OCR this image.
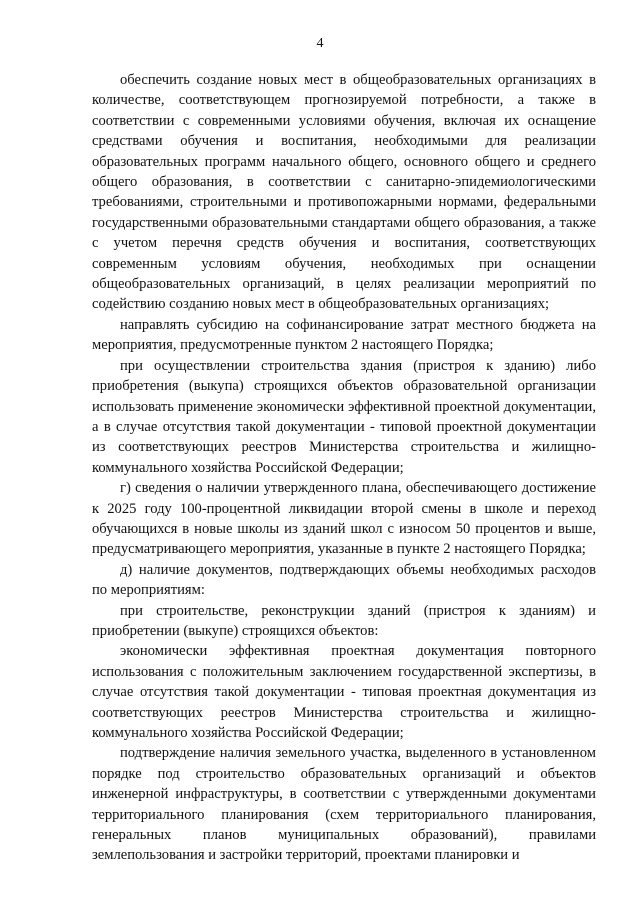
4

обеспечить создание новых мест в общеобразовательных организациях в количестве, соответствующем прогнозируемой потребности, а также в соответствии с современными условиями обучения, включая их оснащение средствами обучения и воспитания, необходимыми для реализации образовательных программ начального общего, основного общего и среднего общего образования, в соответствии с санитарно-эпидемиологическими требованиями, строительными и противопожарными нормами, федеральными государственными образовательными стандартами общего образования, а также с учетом перечня средств обучения и воспитания, соответствующих современным условиям обучения, необходимых при оснащении общеобразовательных организаций, в целях реализации мероприятий по содействию созданию новых мест в общеобразовательных организациях;

направлять субсидию на софинансирование затрат местного бюджета на мероприятия, предусмотренные пунктом 2 настоящего Порядка;

при осуществлении строительства здания (пристроя к зданию) либо приобретения (выкупа) строящихся объектов образовательной организации использовать применение экономически эффективной проектной документации, а в случае отсутствия такой документации - типовой проектной документации из соответствующих реестров Министерства строительства и жилищно-коммунального хозяйства Российской Федерации;

г) сведения о наличии утвержденного плана, обеспечивающего достижение к 2025 году 100-процентной ликвидации второй смены в школе и переход обучающихся в новые школы из зданий школ с износом 50 процентов и выше, предусматривающего мероприятия, указанные в пункте 2 настоящего Порядка;

д) наличие документов, подтверждающих объемы необходимых расходов по мероприятиям:

при строительстве, реконструкции зданий (пристроя к зданиям) и приобретении (выкупе) строящихся объектов:

экономически эффективная проектная документация повторного использования с положительным заключением государственной экспертизы, в случае отсутствия такой документации - типовая проектная документация из соответствующих реестров Министерства строительства и жилищно-коммунального хозяйства Российской Федерации;

подтверждение наличия земельного участка, выделенного в установленном порядке под строительство образовательных организаций и объектов инженерной инфраструктуры, в соответствии с утвержденными документами территориального планирования (схем территориального планирования, генеральных планов муниципальных образований), правилами землепользования и застройки территорий, проектами планировки и
